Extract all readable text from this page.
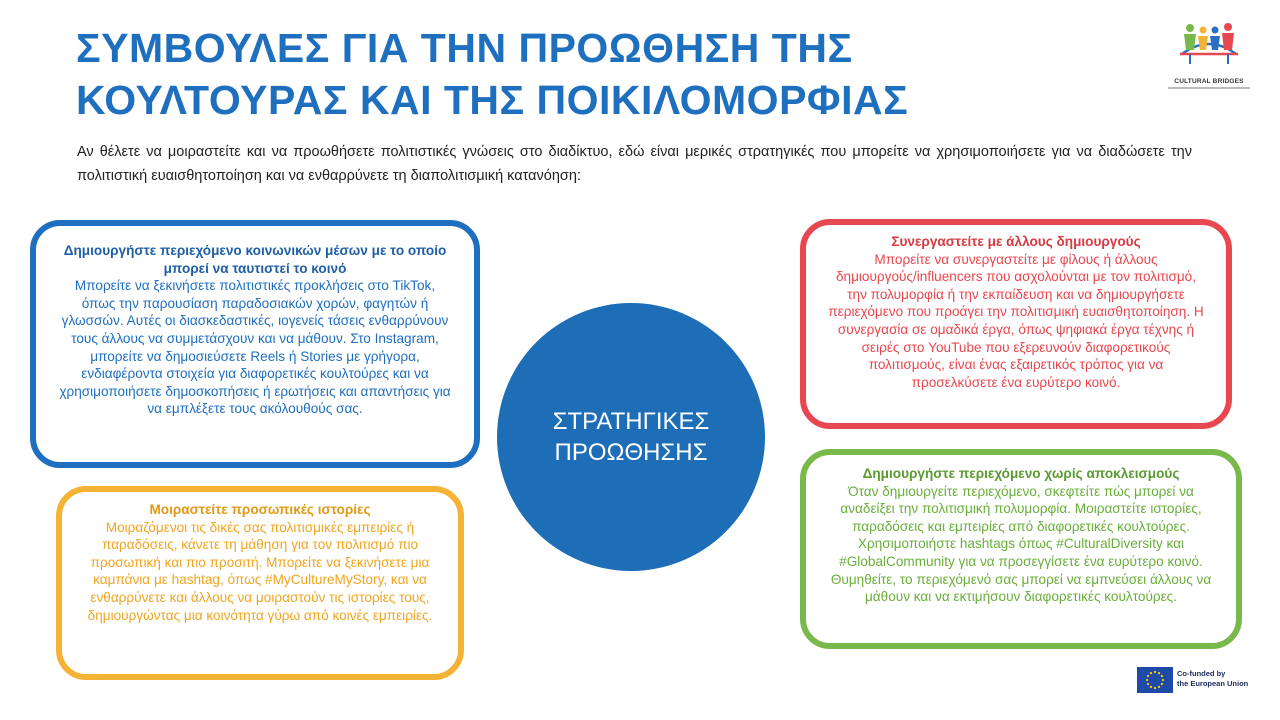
ΣΥΜΒΟΥΛΕΣ ΓΙΑ ΤΗΝ ΠΡΟΩΘΗΣΗ ΤΗΣ
ΚΟΥΛΤΟΥΡΑΣ ΚΑΙ ΤΗΣ ΠΟΙΚΙΛΟΜΟΡΦΙΑΣ	CULTURAL BRIDGES
Αν θέλετε να μοιραστείτε και να προωθήσετε πολιτιστικές γνώσεις στο διαδίκτυο, εδώ είναι μερικές στρατηγικές που μπορείτε να χρησιμοποιήσετε για να διαδώσετε την πολιτιστική ευαισθητοποίηση και να ενθαρρύνετε τη διαπολιτισμική κατανόηση:
Δημιουργήστε περιεχόμενο κοινωνικών μέσων με το οποίο μπορεί να ταυτιστεί το κοινό
Μπορείτε να ξεκινήσετε πολιτιστικές προκλήσεις στο TikTok, όπως την παρουσίαση παραδοσιακών χορών, φαγητών ή γλωσσών. Αυτές οι διασκεδαστικές, ιογενείς τάσεις ενθαρρύνουν τους άλλους να συμμετάσχουν και να μάθουν. Στο Instagram, μπορείτε να δημοσιεύσετε Reels ή Stories με γρήγορα, ενδιαφέροντα στοιχεία για διαφορετικές κουλτούρες και να χρησιμοποιήσετε δημοσκοπήσεις ή ερωτήσεις και απαντήσεις για να εμπλέξετε τους ακόλουθούς σας.
Μοιραστείτε προσωπικές ιστορίες
Μοιραζόμενοι τις δικές σας πολιτισμικές εμπειρίες ή παραδόσεις, κάνετε τη μάθηση για τον πολιτισμό πιο προσωπική και πιο προσιτή. Μπορείτε να ξεκινήσετε μια καμπάνια με hashtag, όπως #MyCultureMyStory, και να ενθαρρύνετε και άλλους να μοιραστούν τις ιστορίες τους, δημιουργώντας μια κοινότητα γύρω από κοινές εμπειρίες.
ΣΤΡΑΤΗΓΙΚΕΣ ΠΡΟΩΘΗΣΗΣ
Συνεργαστείτε με άλλους δημιουργούς
Μπορείτε να συνεργαστείτε με φίλους ή άλλους δημιουργούς/influencers που ασχολούνται με τον πολιτισμό, την πολυμορφία ή την εκπαίδευση και να δημιουργήσετε περιεχόμενο που προάγει την πολιτισμική ευαισθητοποίηση. Η συνεργασία σε ομαδικά έργα, όπως ψηφιακά έργα τέχνης ή σειρές στο YouTube που εξερευνούν διαφορετικούς πολιτισμούς, είναι ένας εξαιρετικός τρόπος για να προσελκύσετε ένα ευρύτερο κοινό.
Δημιουργήστε περιεχόμενο χωρίς αποκλεισμούς
Όταν δημιουργείτε περιεχόμενο, σκεφτείτε πώς μπορεί να αναδείξει την πολιτισμική πολυμορφία. Μοιραστείτε ιστορίες, παραδόσεις και εμπειρίες από διαφορετικές κουλτούρες. Χρησιμοποιήστε hashtags όπως #CulturalDiversity και #GlobalCommunity για να προσεγγίσετε ένα ευρύτερο κοινό. Θυμηθείτε, το περιεχόμενό σας μπορεί να εμπνεύσει άλλους να μάθουν και να εκτιμήσουν διαφορετικές κουλτούρες.
Co-funded by
the European Union
